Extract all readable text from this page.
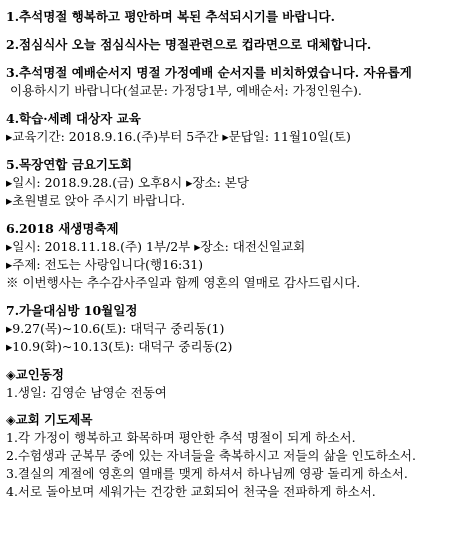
1.추석명절 행복하고 평안하며 복된 추석되시기를 바랍니다.
2.점심식사 오늘 점심식사는 명절관련으로 컵라면으로 대체합니다.
3.추석명절 예배순서지 명절 가정예배 순서지를 비치하였습니다. 자유롭게
이용하시기 바랍니다(설교문: 가정당1부, 예배순서: 가정인원수).
4.학습·세례 대상자 교육
▸교육기간: 2018.9.16.(주)부터 5주간 ▸문답일: 11월10일(토)
5.목장연합 금요기도회
▸일시: 2018.9.28.(금) 오후8시 ▸장소: 본당
▸초원별로 앉아 주시기 바랍니다.
6.2018 새생명축제
▸일시: 2018.11.18.(주) 1부/2부 ▸장소: 대전신일교회
▸주제: 전도는 사랑입니다(행16:31)
※ 이번행사는 추수감사주일과 함께 영혼의 열매로 감사드립시다.
7.가을대심방 10월일정
▸9.27(목)~10.6(토): 대덕구 중리동(1)
▸10.9(화)~10.13(토): 대덕구 중리동(2)
◈교인동정
1.생일: 김영순 남영순 전동여
◈교회 기도제목
1.각 가정이 행복하고 화목하며 평안한 추석 명절이 되게 하소서.
2.수험생과 군복무 중에 있는 자녀들을 축복하시고 저들의 삶을 인도하소서.
3.결실의 계절에 영혼의 열매를 맺게 하셔서 하나님께 영광 돌리게 하소서.
4.서로 돌아보며 세워가는 건강한 교회되어 천국을 전파하게 하소서.
